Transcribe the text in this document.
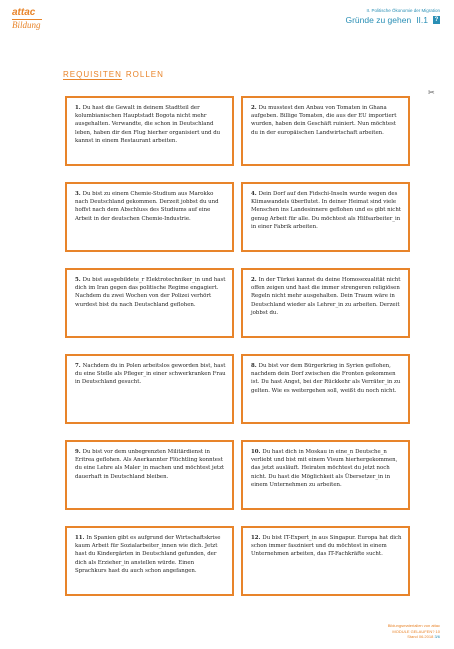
attac
Bildung
II. Politische Ökonomie der Migration
Gründe zu gehen II.1 ?
REQUISITEN ROLLEN
✂
1. Du hast die Gewalt in deinem Stadtteil der kolumbianischen Hauptstadt Bogota nicht mehr ausgehalten. Verwandte, die schon in Deutschland leben, haben dir den Flug hierher organisiert und du kannst in einem Restaurant arbeiten.
2. Du musstest den Anbau von Tomaten in Ghana aufgeben. Billige Tomaten, die aus der EU importiert wurden, haben dein Geschäft ruiniert. Nun möchtest du in der europäischen Landwirtschaft arbeiten.
3. Du bist zu einem Chemie-Studium aus Marokko nach Deutschland gekommen. Derzeit jobbst du und hoffst nach dem Abschluss des Studiums auf eine Arbeit in der deutschen Chemie-Industrie.
4. Dein Dorf auf den Fidschi-Inseln wurde wegen des Klimawandels überflutet. In deiner Heimat sind viele Menschen ins Landesinnere geflohen und es gibt nicht genug Arbeit für alle. Du möchtest als Hilfsarbeiter_in in einer Fabrik arbeiten.
5. Du bist ausgebildete_r Elektrotechniker_in und hast dich im Iran gegen das politische Regime engagiert. Nachdem du zwei Wochen von der Polizei verhört wurdest bist du nach Deutschland geflohen.
2. In der Türkei kannst du deine Homosexualität nicht offen zeigen und hast die immer strengeren religiösen Regeln nicht mehr ausgehalten. Dein Traum wäre in Deutschland wieder als Lehrer_in zu arbeiten. Derzeit jobbst du.
7. Nachdem du in Polen arbeitslos geworden bist, hast du eine Stelle als Pfleger_in einer schwerkranken Frau in Deutschland gesucht.
8. Du bist vor dem Bürgerkrieg in Syrien geflohen, nachdem dein Dorf zwischen die Fronten gekommen ist. Du hast Angst, bei der Rückkehr als Verräter_in zu gelten. Wie es weitergehen soll, weißt du noch nicht.
9. Du bist vor dem unbegrenzten Militärdienst in Eritrea geflohen. Als Anerkannter Flüchtling konntest du eine Lehre als Maler_in machen und möchtest jetzt dauerhaft in Deutschland bleiben.
10. Du hast dich in Moskau in eine_n Deutsche_n verliebt und bist mit einem Visum hierhergekommen, das jetzt ausläuft. Heiraten möchtest du jetzt noch nicht. Du hast die Möglichkeit als Übersetzer_in in einem Unternehmen zu arbeiten.
11. In Spanien gibt es aufgrund der Wirtschaftskrise kaum Arbeit für Sozialarbeiter_innen wie dich. Jetzt hast du Kindergärten in Deutschland gefunden, der dich als Erzieher_in anstellen würde. Einen Sprachkurs hast du auch schon angefangen.
12. Du bist IT-Expert_in aus Singapur. Europa hat dich schon immer fasziniert und du möchtest in einem Unternehmen arbeiten, das IT-Fachkräfte sucht.
Bildungsmaterialien von attac
MODULE GELAUFEN? 10
Stand 06.2018 3/6
